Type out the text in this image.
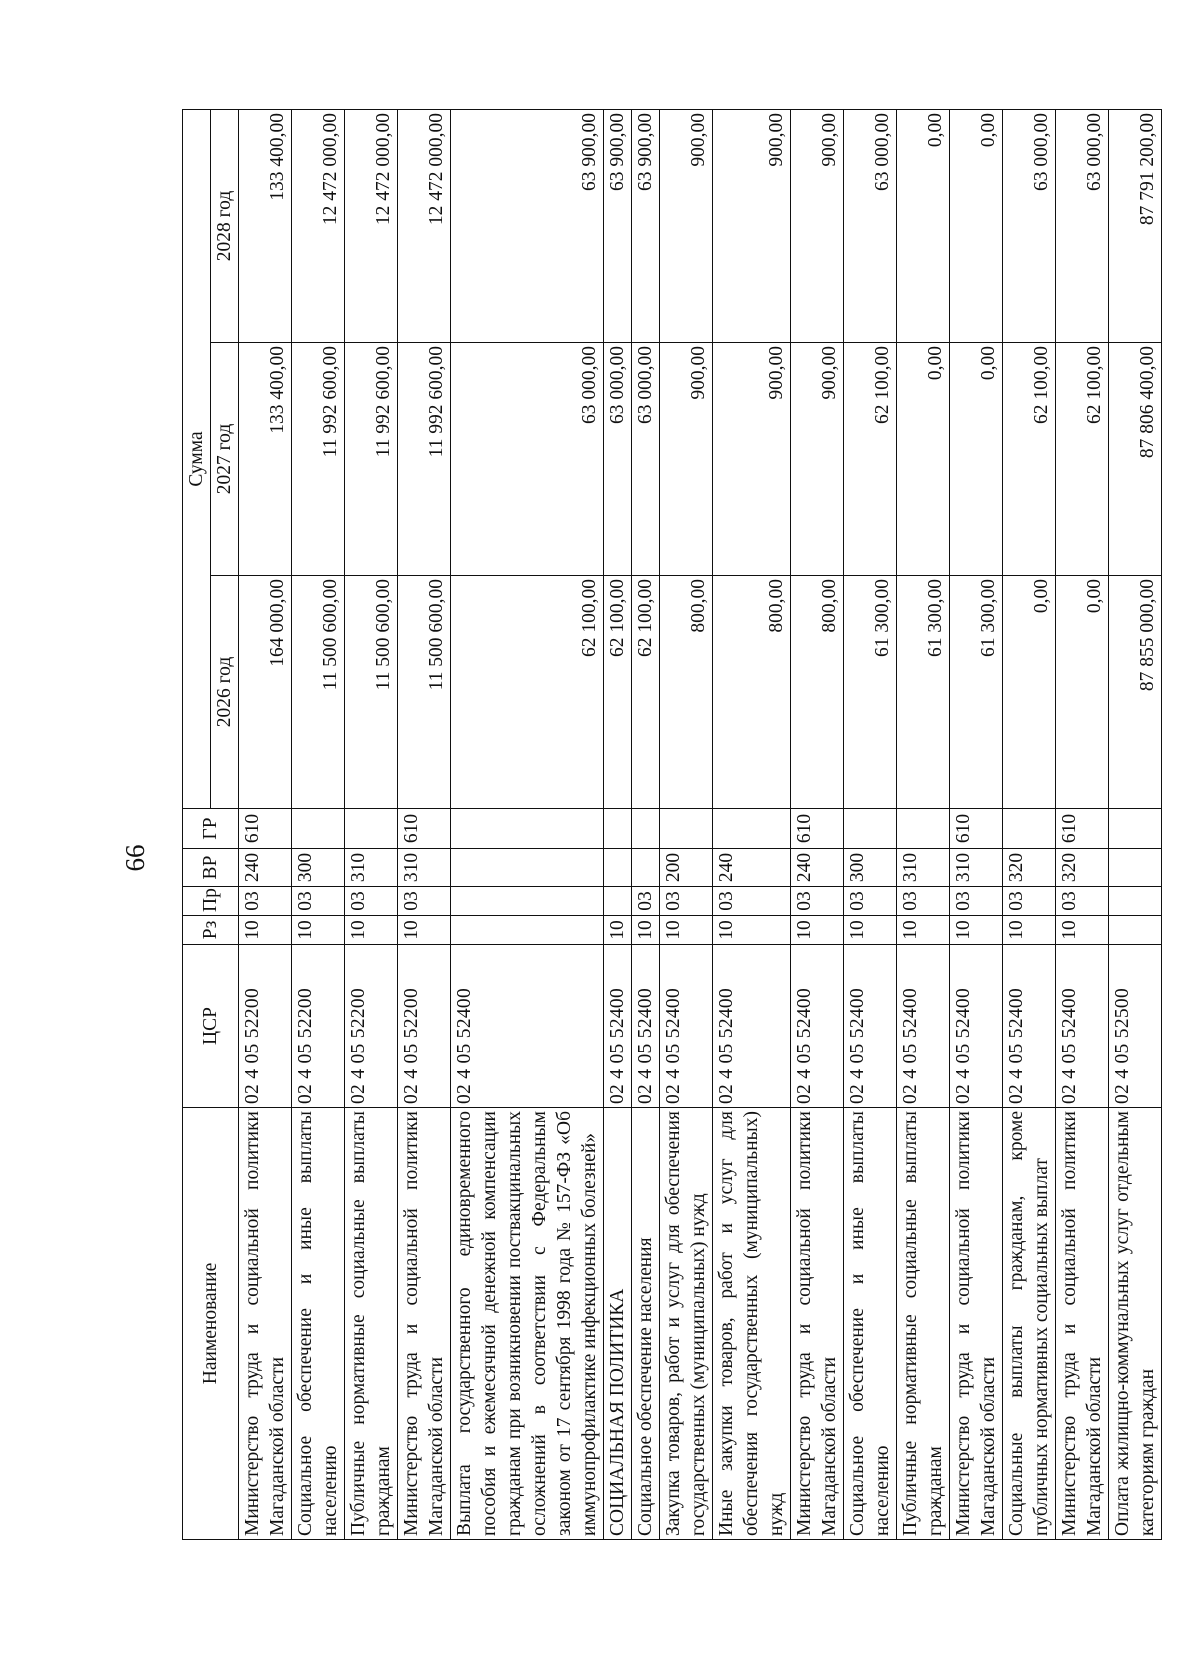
66
Наименование	ЦСР	Рз	Пр	ВР	ГР	Сумма		
						2026 год	2027 год	2028 год
Министерство труда и социальной политики Магаданской области	02 4 05 52200	10	03	240	610	164 000,00	133 400,00	133 400,00
Социальное обеспечение и иные выплаты населению	02 4 05 52200	10	03	300		11 500 600,00	11 992 600,00	12 472 000,00
Публичные нормативные социальные выплаты гражданам	02 4 05 52200	10	03	310		11 500 600,00	11 992 600,00	12 472 000,00
Министерство труда и социальной политики Магаданской области	02 4 05 52200	10	03	310	610	11 500 600,00	11 992 600,00	12 472 000,00
Выплата государственного единовременного пособия и ежемесячной денежной компенсации гражданам при возникновении поствакцинальных осложнений в соответствии с Федеральным законом от 17 сентября 1998 года № 157-ФЗ «Об иммунопрофилактике инфекционных болезней»	02 4 05 52400					62 100,00	63 000,00	63 900,00
СОЦИАЛЬНАЯ ПОЛИТИКА	02 4 05 52400	10				62 100,00	63 000,00	63 900,00
Социальное обеспечение населения	02 4 05 52400	10	03			62 100,00	63 000,00	63 900,00
Закупка товаров, работ и услуг для обеспечения государственных (муниципальных) нужд	02 4 05 52400	10	03	200		800,00	900,00	900,00
Иные закупки товаров, работ и услуг для обеспечения государственных (муниципальных) нужд	02 4 05 52400	10	03	240		800,00	900,00	900,00
Министерство труда и социальной политики Магаданской области	02 4 05 52400	10	03	240	610	800,00	900,00	900,00
Социальное обеспечение и иные выплаты населению	02 4 05 52400	10	03	300		61 300,00	62 100,00	63 000,00
Публичные нормативные социальные выплаты гражданам	02 4 05 52400	10	03	310		61 300,00	0,00	0,00
Министерство труда и социальной политики Магаданской области	02 4 05 52400	10	03	310	610	61 300,00	0,00	0,00
Социальные выплаты гражданам, кроме публичных нормативных социальных выплат	02 4 05 52400	10	03	320		0,00	62 100,00	63 000,00
Министерство труда и социальной политики Магаданской области	02 4 05 52400	10	03	320	610	0,00	62 100,00	63 000,00
Оплата жилищно-коммунальных услуг отдельным категориям граждан	02 4 05 52500					87 855 000,00	87 806 400,00	87 791 200,00
